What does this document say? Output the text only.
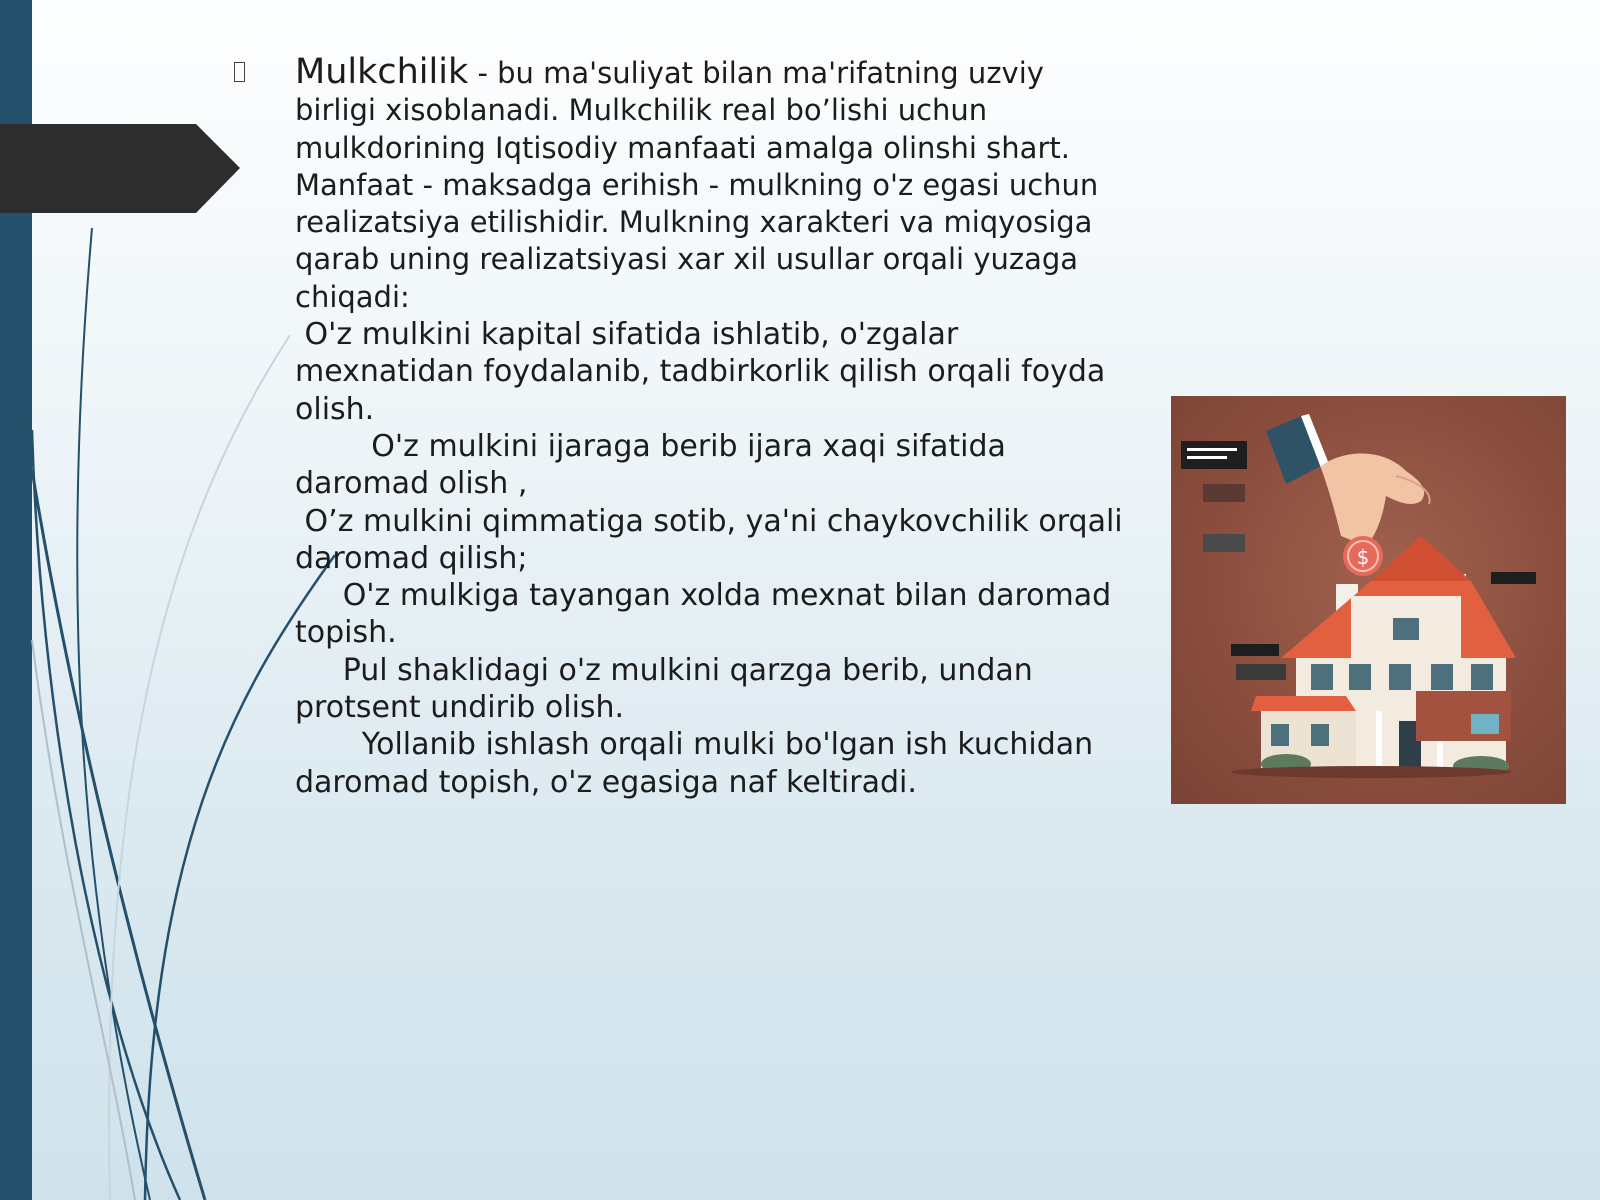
Mulkchilik - bu ma'suliyat bilan ma'rifatning uzviy birligi xisoblanadi. Mulkchilik real bo’lishi uchun mulkdorining Iqtisodiy manfaati amalga olinshi shart. Manfaat - maksadga erihish - mulkning o'z egasi uchun realizatsiya etilishidir. Mulkning xarakteri va miqyosiga qarab uning realizatsiyasi xar xil usullar orqali yuzaga chiqadi:

O'z mulkini kapital sifatida ishlatib, o'zgalar mexnatidan foydalanib, tadbirkorlik qilish orqali foyda olish.

O'z mulkini ijaraga berib ijara xaqi sifatida daromad olish ,

O’z mulkini qimmatiga sotib, ya'ni chaykovchilik orqali daromad qilish;

O'z mulkiga tayangan xolda mexnat bilan daromad topish.

Pul shaklidagi o'z mulkini qarzga berib, undan protsent undirib olish.

Yollanib ishlash orqali mulki bo'lgan ish kuchidan daromad topish, o'z egasiga naf keltiradi.

$
